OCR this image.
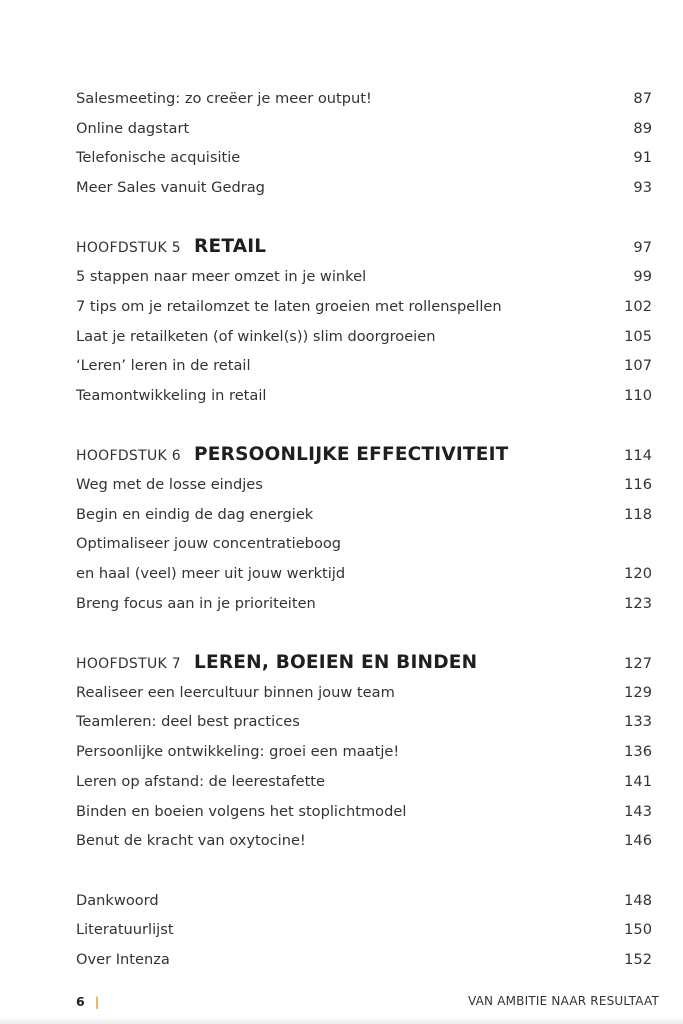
Salesmeeting: zo creëer je meer output!	87
Online dagstart	89
Telefonische acquisitie	91
Meer Sales vanuit Gedrag	93
HOOFDSTUK 5 RETAIL	97
5 stappen naar meer omzet in je winkel	99
7 tips om je retailomzet te laten groeien met rollenspellen	102
Laat je retailketen (of winkel(s)) slim doorgroeien	105
‘Leren’ leren in de retail	107
Teamontwikkeling in retail	110
HOOFDSTUK 6 PERSOONLIJKE EFFECTIVITEIT	114
Weg met de losse eindjes	116
Begin en eindig de dag energiek	118
Optimaliseer jouw concentratieboog
en haal (veel) meer uit jouw werktijd	120
Breng focus aan in je prioriteiten	123
HOOFDSTUK 7 LEREN, BOEIEN EN BINDEN	127
Realiseer een leercultuur binnen jouw team	129
Teamleren: deel best practices	133
Persoonlijke ontwikkeling: groei een maatje!	136
Leren op afstand: de leerestafette	141
Binden en boeien volgens het stoplichtmodel	143
Benut de kracht van oxytocine!	146
Dankwoord	148
Literatuurlijst	150
Over Intenza	152
6 |	VAN AMBITIE NAAR RESULTAAT
